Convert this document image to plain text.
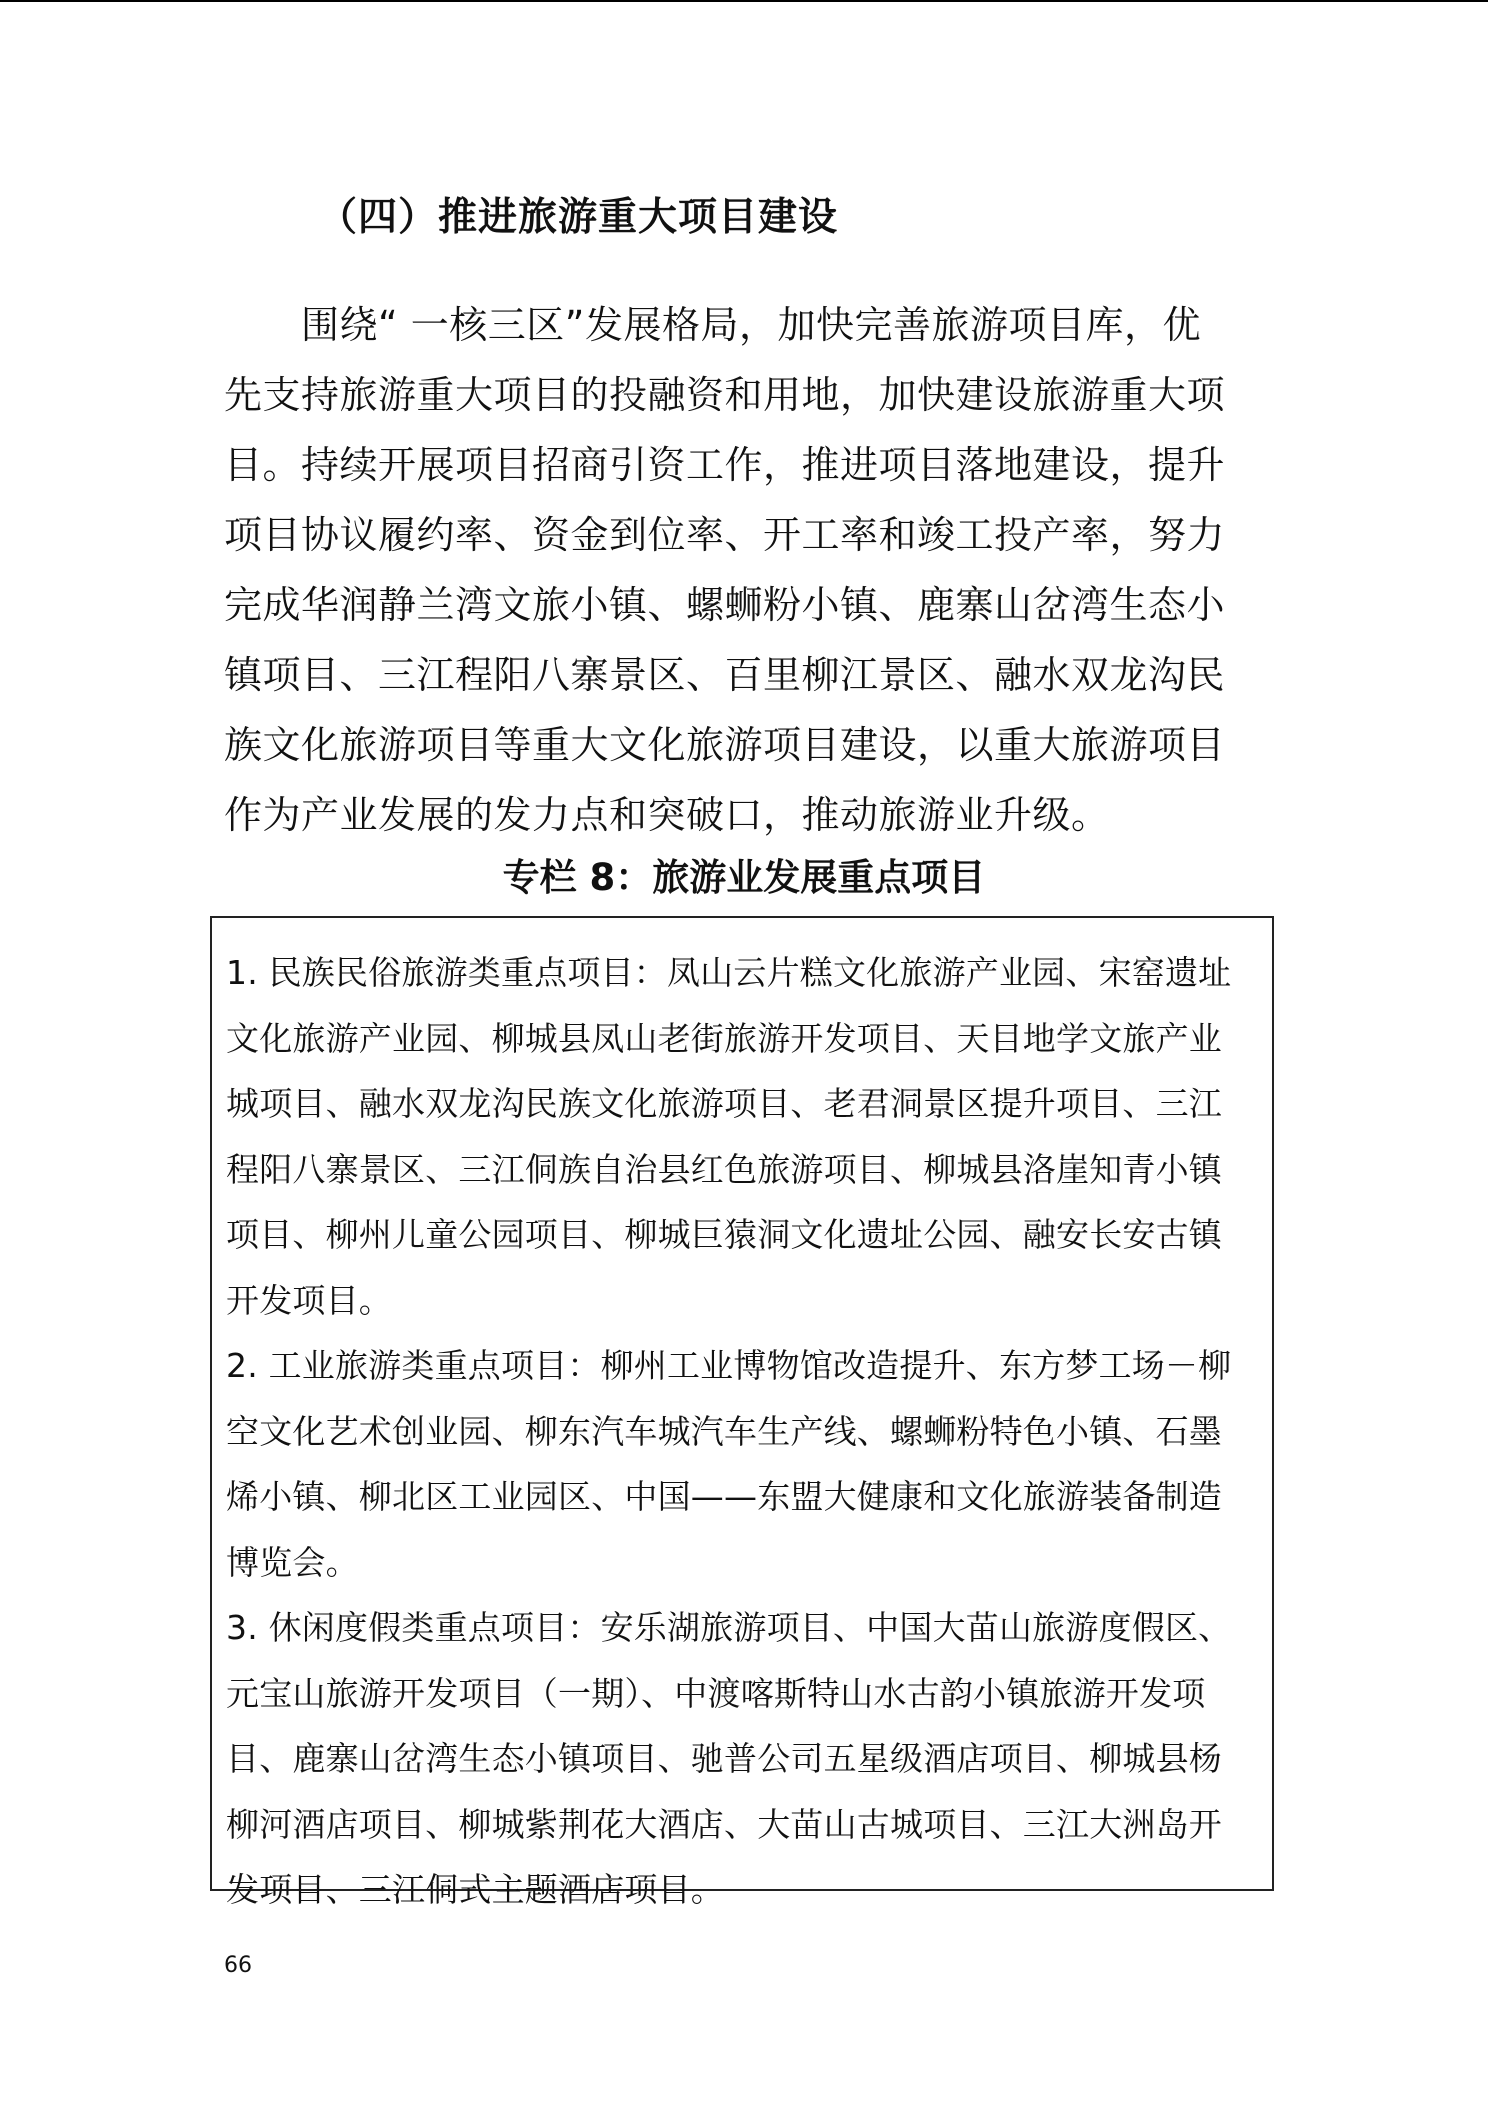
（四）推进旅游重大项目建设
　　围绕“ 一核三区”发展格局，加快完善旅游项目库，优
先支持旅游重大项目的投融资和用地，加快建设旅游重大项
目。持续开展项目招商引资工作，推进项目落地建设，提升
项目协议履约率、资金到位率、开工率和竣工投产率，努力
完成华润静兰湾文旅小镇、螺蛳粉小镇、鹿寨山岔湾生态小
镇项目、三江程阳八寨景区、百里柳江景区、融水双龙沟民
族文化旅游项目等重大文化旅游项目建设，以重大旅游项目
作为产业发展的发力点和突破口，推动旅游业升级。
专栏 8：旅游业发展重点项目
1. 民族民俗旅游类重点项目：凤山云片糕文化旅游产业园、宋窑遗址
文化旅游产业园、柳城县凤山老街旅游开发项目、天目地学文旅产业
城项目、融水双龙沟民族文化旅游项目、老君洞景区提升项目、三江
程阳八寨景区、三江侗族自治县红色旅游项目、柳城县洛崖知青小镇
项目、柳州儿童公园项目、柳城巨猿洞文化遗址公园、融安长安古镇
开发项目。
2. 工业旅游类重点项目：柳州工业博物馆改造提升、东方梦工场－柳
空文化艺术创业园、柳东汽车城汽车生产线、螺蛳粉特色小镇、石墨
烯小镇、柳北区工业园区、中国——东盟大健康和文化旅游装备制造
博览会。
3. 休闲度假类重点项目：安乐湖旅游项目、中国大苗山旅游度假区、
元宝山旅游开发项目（一期）、中渡喀斯特山水古韵小镇旅游开发项
目、鹿寨山岔湾生态小镇项目、驰普公司五星级酒店项目、柳城县杨
柳河酒店项目、柳城紫荆花大酒店、大苗山古城项目、三江大洲岛开
发项目、三江侗式主题酒店项目。
66
